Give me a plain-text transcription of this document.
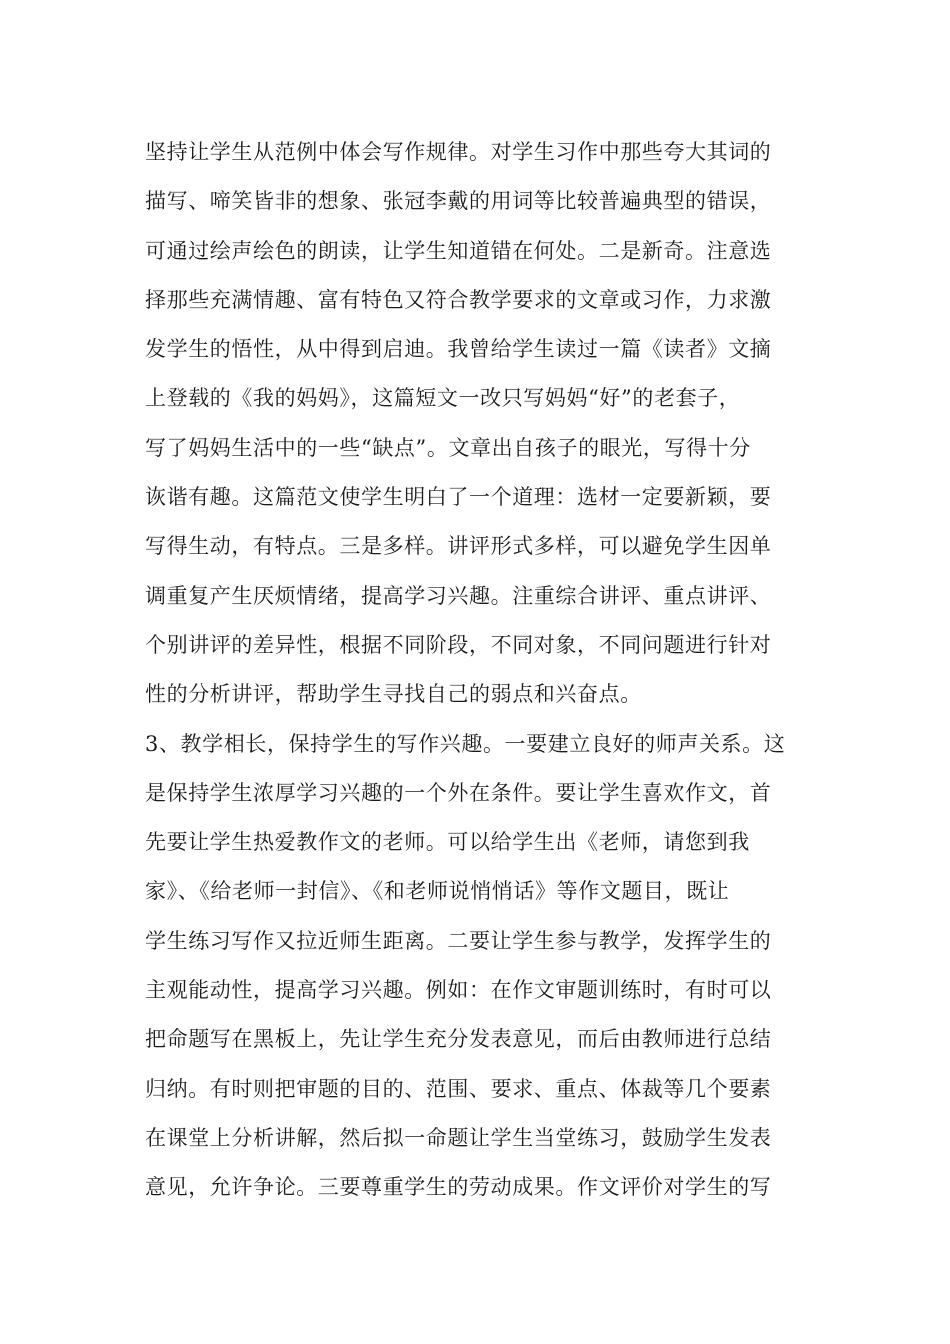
坚持让学生从范例中体会写作规律。对学生习作中那些夸大其词的
描写、啼笑皆非的想象、张冠李戴的用词等比较普遍典型的错误，
可通过绘声绘色的朗读，让学生知道错在何处。二是新奇。注意选
择那些充满情趣、富有特色又符合教学要求的文章或习作，力求激
发学生的悟性，从中得到启迪。我曾给学生读过一篇《读者》文摘
上登载的《我的妈妈》，这篇短文一改只写妈妈“好”的老套子，
写了妈妈生活中的一些“缺点”。文章出自孩子的眼光，写得十分
诙谐有趣。这篇范文使学生明白了一个道理：选材一定要新颖，要
写得生动，有特点。三是多样。讲评形式多样，可以避免学生因单
调重复产生厌烦情绪，提高学习兴趣。注重综合讲评、重点讲评、
个别讲评的差异性，根据不同阶段，不同对象，不同问题进行针对
性的分析讲评，帮助学生寻找自己的弱点和兴奋点。
3、教学相长，保持学生的写作兴趣。一要建立良好的师声关系。这
是保持学生浓厚学习兴趣的一个外在条件。要让学生喜欢作文，首
先要让学生热爱教作文的老师。可以给学生出《老师，请您到我
家》、《给老师一封信》、《和老师说悄悄话》等作文题目，既让
学生练习写作又拉近师生距离。二要让学生参与教学，发挥学生的
主观能动性，提高学习兴趣。例如：在作文审题训练时，有时可以
把命题写在黑板上，先让学生充分发表意见，而后由教师进行总结
归纳。有时则把审题的目的、范围、要求、重点、体裁等几个要素
在课堂上分析讲解，然后拟一命题让学生当堂练习，鼓励学生发表
意见，允许争论。三要尊重学生的劳动成果。作文评价对学生的写
